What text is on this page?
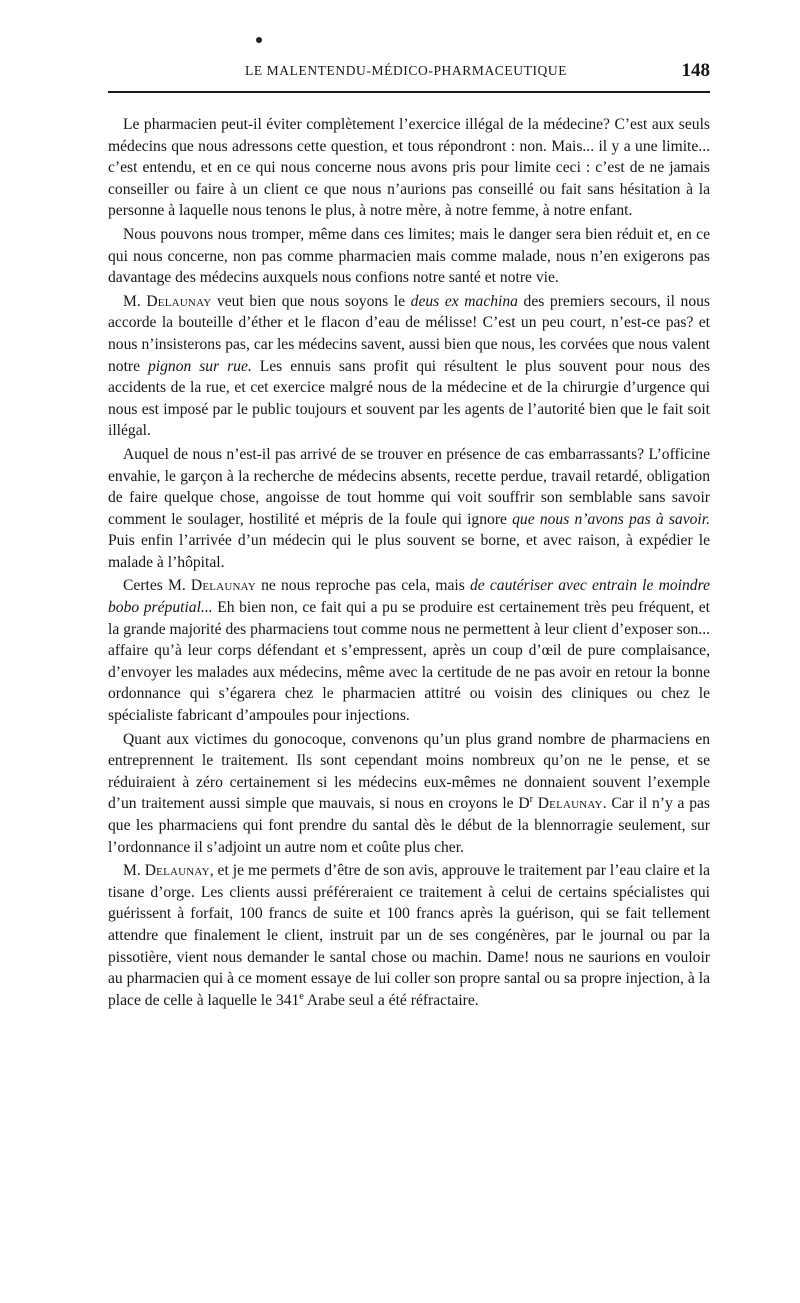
LE MALENTENDU-MÉDICO-PHARMACEUTIQUE	148

Le pharmacien peut-il éviter complètement l’exercice illégal de la médecine? C’est aux seuls médecins que nous adressons cette question, et tous répondront : non. Mais... il y a une limite... c’est entendu, et en ce qui nous concerne nous avons pris pour limite ceci : c’est de ne jamais conseiller ou faire à un client ce que nous n’aurions pas conseillé ou fait sans hésitation à la personne à laquelle nous tenons le plus, à notre mère, à notre femme, à notre enfant.

Nous pouvons nous tromper, même dans ces limites; mais le danger sera bien réduit et, en ce qui nous concerne, non pas comme pharmacien mais comme malade, nous n’en exigerons pas davantage des médecins auxquels nous confions notre santé et notre vie.

M. Delaunay veut bien que nous soyons le deus ex machina des premiers secours, il nous accorde la bouteille d’éther et le flacon d’eau de mélisse! C’est un peu court, n’est-ce pas? et nous n’insisterons pas, car les médecins savent, aussi bien que nous, les corvées que nous valent notre pignon sur rue. Les ennuis sans profit qui résultent le plus souvent pour nous des accidents de la rue, et cet exercice malgré nous de la médecine et de la chirurgie d’urgence qui nous est imposé par le public toujours et souvent par les agents de l’autorité bien que le fait soit illégal.

Auquel de nous n’est-il pas arrivé de se trouver en présence de cas embarrassants? L’officine envahie, le garçon à la recherche de médecins absents, recette perdue, travail retardé, obligation de faire quelque chose, angoisse de tout homme qui voit souffrir son semblable sans savoir comment le soulager, hostilité et mépris de la foule qui ignore que nous n’avons pas à savoir. Puis enfin l’arrivée d’un médecin qui le plus souvent se borne, et avec raison, à expédier le malade à l’hôpital.

Certes M. Delaunay ne nous reproche pas cela, mais de cautériser avec entrain le moindre bobo préputial... Eh bien non, ce fait qui a pu se produire est certainement très peu fréquent, et la grande majorité des pharmaciens tout comme nous ne permettent à leur client d’exposer son... affaire qu’à leur corps défendant et s’empressent, après un coup d’œil de pure complaisance, d’envoyer les malades aux médecins, même avec la certitude de ne pas avoir en retour la bonne ordonnance qui s’égarera chez le pharmacien attitré ou voisin des cliniques ou chez le spécialiste fabricant d’ampoules pour injections.

Quant aux victimes du gonocoque, convenons qu’un plus grand nombre de pharmaciens en entreprennent le traitement. Ils sont cependant moins nombreux qu’on ne le pense, et se réduiraient à zéro certainement si les médecins eux-mêmes ne donnaient souvent l’exemple d’un traitement aussi simple que mauvais, si nous en croyons le $D^r$ Delaunay. Car il n’y a pas que les pharmaciens qui font prendre du santal dès le début de la blennorragie seulement, sur l’ordonnance il s’adjoint un autre nom et coûte plus cher.

M. Delaunay, et je me permets d’être de son avis, approuve le traitement par l’eau claire et la tisane d’orge. Les clients aussi préféreraient ce traitement à celui de certains spécialistes qui guérissent à forfait, 100 francs de suite et 100 francs après la guérison, qui se fait tellement attendre que finalement le client, instruit par un de ses congénères, par le journal ou par la pissotière, vient nous demander le santal chose ou machin. Dame! nous ne saurions en vouloir au pharmacien qui à ce moment essaye de lui coller son propre santal ou sa propre injection, à la place de celle à laquelle le 341e Arabe seul a été réfractaire.
